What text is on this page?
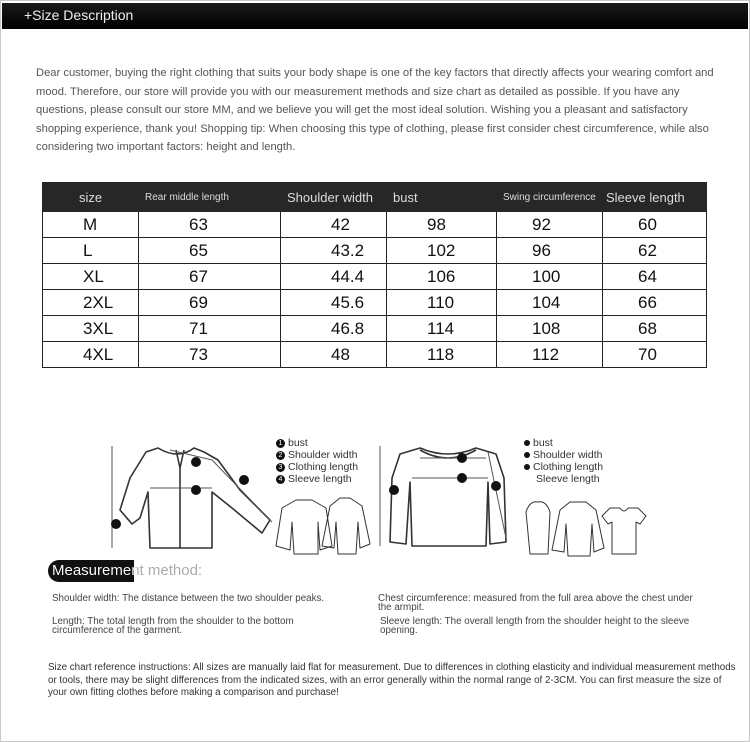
+Size Description
Dear customer, buying the right clothing that suits your body shape is one of the key factors that directly affects your wearing comfort and mood. Therefore, our store will provide you with our measurement methods and size chart as detailed as possible. If you have any questions, please consult our store MM, and we believe you will get the most ideal solution. Wishing you a pleasant and satisfactory shopping experience, thank you! Shopping tip: When choosing this type of clothing, please first consider chest circumference, while also considering two important factors: height and length.
size	Rear middle length	Shoulder width	bust	Swing circumference	Sleeve length
M	63	42	98	92	60
L	65	43.2	102	96	62
XL	67	44.4	106	100	64
2XL	69	45.6	110	104	66
3XL	71	46.8	114	108	68
4XL	73	48	118	112	70
1 bust
2 Shoulder width
3 Clothing length
4 Sleeve length
bust
Shoulder width
Clothing length
Sleeve length
Measurement method:
Shoulder width: The distance between the two shoulder peaks.	Chest circumference: measured from the full area above the chest under
the armpit.
Length: The total length from the shoulder to the bottom
circumference of the garment.
Sleeve length: The overall length from the shoulder height to the sleeve
opening.
Size chart reference instructions: All sizes are manually laid flat for measurement. Due to differences in clothing elasticity and individual measurement methods or tools, there may be slight differences from the indicated sizes, with an error generally within the normal range of 2-3CM. You can first measure the size of your own fitting clothes before making a comparison and purchase!
